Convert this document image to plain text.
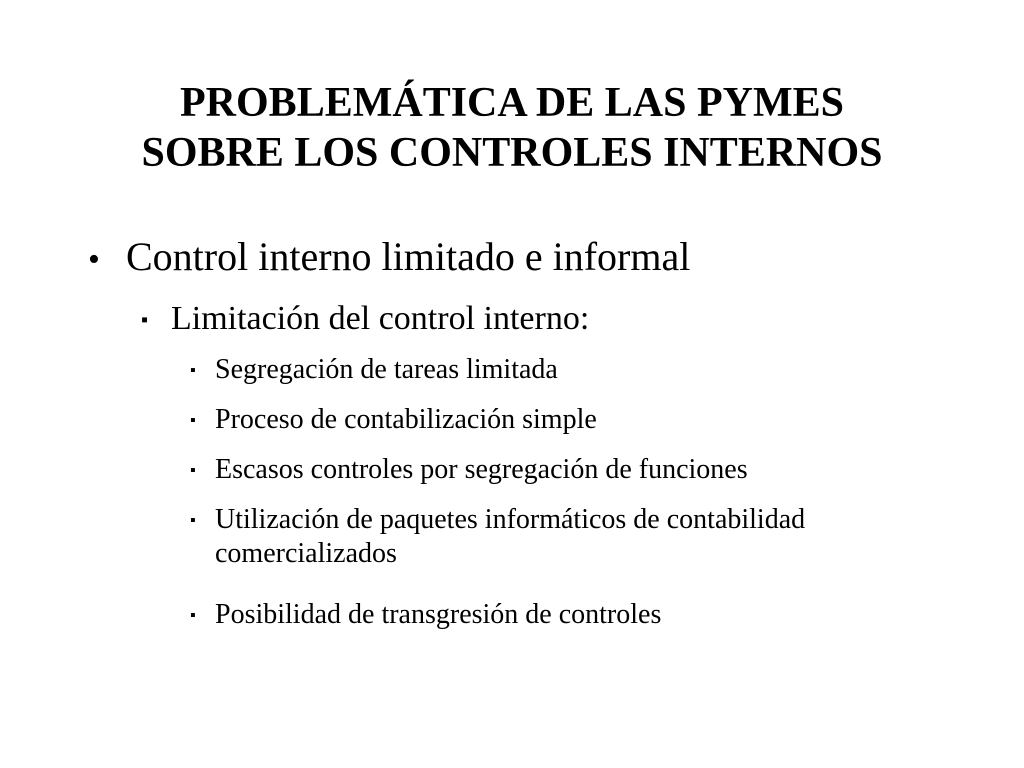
PROBLEMÁTICA DE LAS PYMES
SOBRE LOS CONTROLES INTERNOS
• Control interno limitado e informal
▪ Limitación del control interno:
▪ Segregación de tareas limitada
▪ Proceso de contabilización simple
▪ Escasos controles por segregación de funciones
▪ Utilización de paquetes informáticos de contabilidad comercializados
▪ Posibilidad de transgresión de controles
